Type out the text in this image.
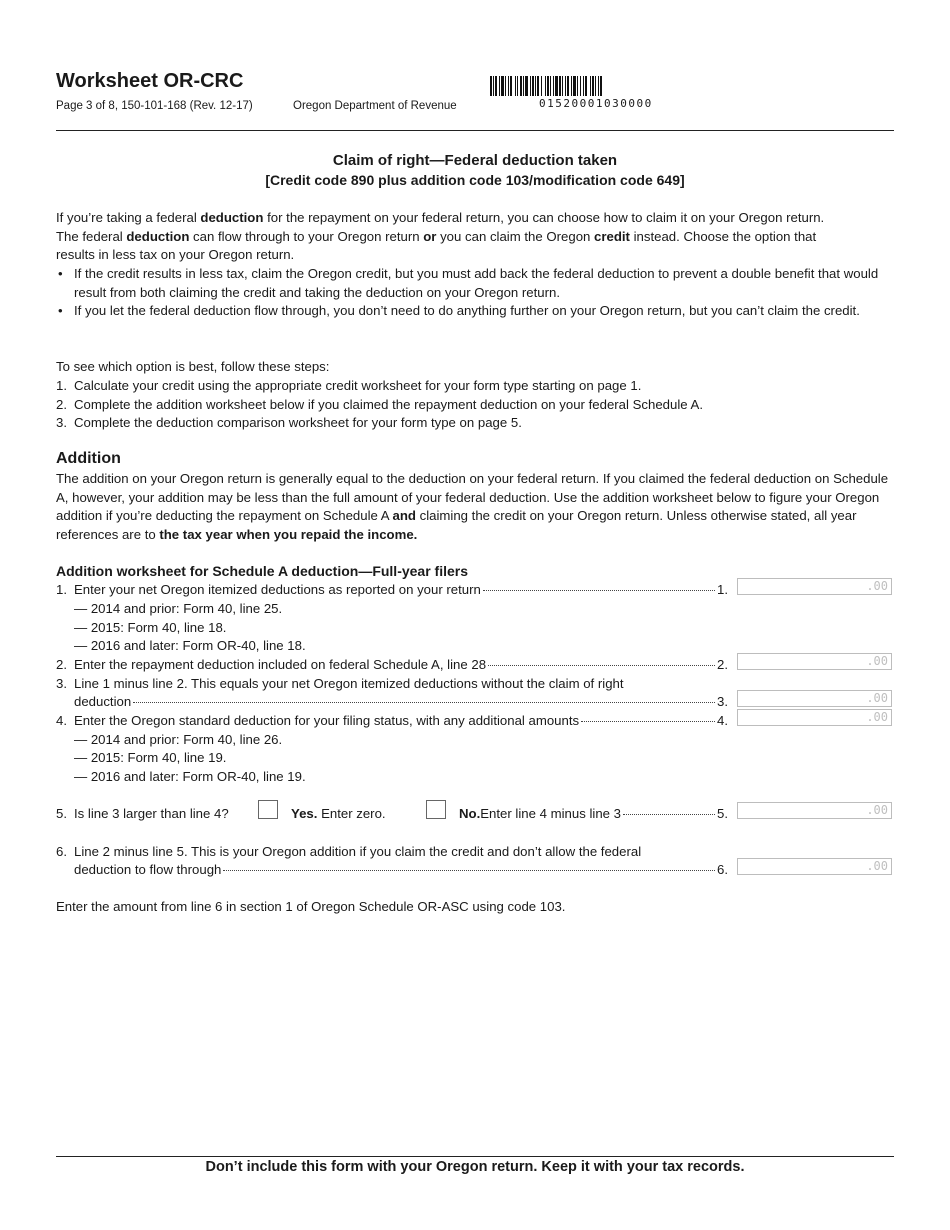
Worksheet OR-CRC
Page 3 of 8, 150-101-168 (Rev. 12-17)	Oregon Department of Revenue	01520001030000
Claim of right—Federal deduction taken
[Credit code 890 plus addition code 103/modification code 649]

If you’re taking a federal deduction for the repayment on your federal return, you can choose how to claim it on your Oregon return.

The federal deduction can flow through to your Oregon return or you can claim the Oregon credit instead. Choose the option that

results in less tax on your Oregon return.

• If the credit results in less tax, claim the Oregon credit, but you must add back the federal deduction to prevent a double benefit that would result from both claiming the credit and taking the deduction on your Oregon return.
• If you let the federal deduction flow through, you don’t need to do anything further on your Oregon return, but you can’t claim the credit.
To see which option is best, follow these steps:
1. Calculate your credit using the appropriate credit worksheet for your form type starting on page 1.
2. Complete the addition worksheet below if you claimed the repayment deduction on your federal Schedule A.
3. Complete the deduction comparison worksheet for your form type on page 5.
Addition
The addition on your Oregon return is generally equal to the deduction on your federal return. If you claimed the federal deduction on Schedule A, however, your addition may be less than the full amount of your federal deduction. Use the addition worksheet below to figure your Oregon addition if you’re deducting the repayment on Schedule A and claiming the credit on your Oregon return. Unless otherwise stated, all year references are to the tax year when you repaid the income.
Addition worksheet for Schedule A deduction—Full-year filers
1. Enter your net Oregon itemized deductions as reported on your return	1.	.00
— 2014 and prior: Form 40, line 25.
— 2015: Form 40, line 18.
— 2016 and later: Form OR-40, line 18.
2. Enter the repayment deduction included on federal Schedule A, line 28	2.	.00
3. Line 1 minus line 2. This equals your net Oregon itemized deductions without the claim of right
deduction	3.	.00
4. Enter the Oregon standard deduction for your filing status, with any additional amounts	4.	.00
— 2014 and prior: Form 40, line 26.
— 2015: Form 40, line 19.
— 2016 and later: Form OR-40, line 19.
5. Is line 3 larger than line 4?	Yes. Enter zero.	No. Enter line 4 minus line 3	5.	.00
6. Line 2 minus line 5. This is your Oregon addition if you claim the credit and don’t allow the federal
deduction to flow through	6.	.00
Enter the amount from line 6 in section 1 of Oregon Schedule OR-ASC using code 103.
Don’t include this form with your Oregon return. Keep it with your tax records.
